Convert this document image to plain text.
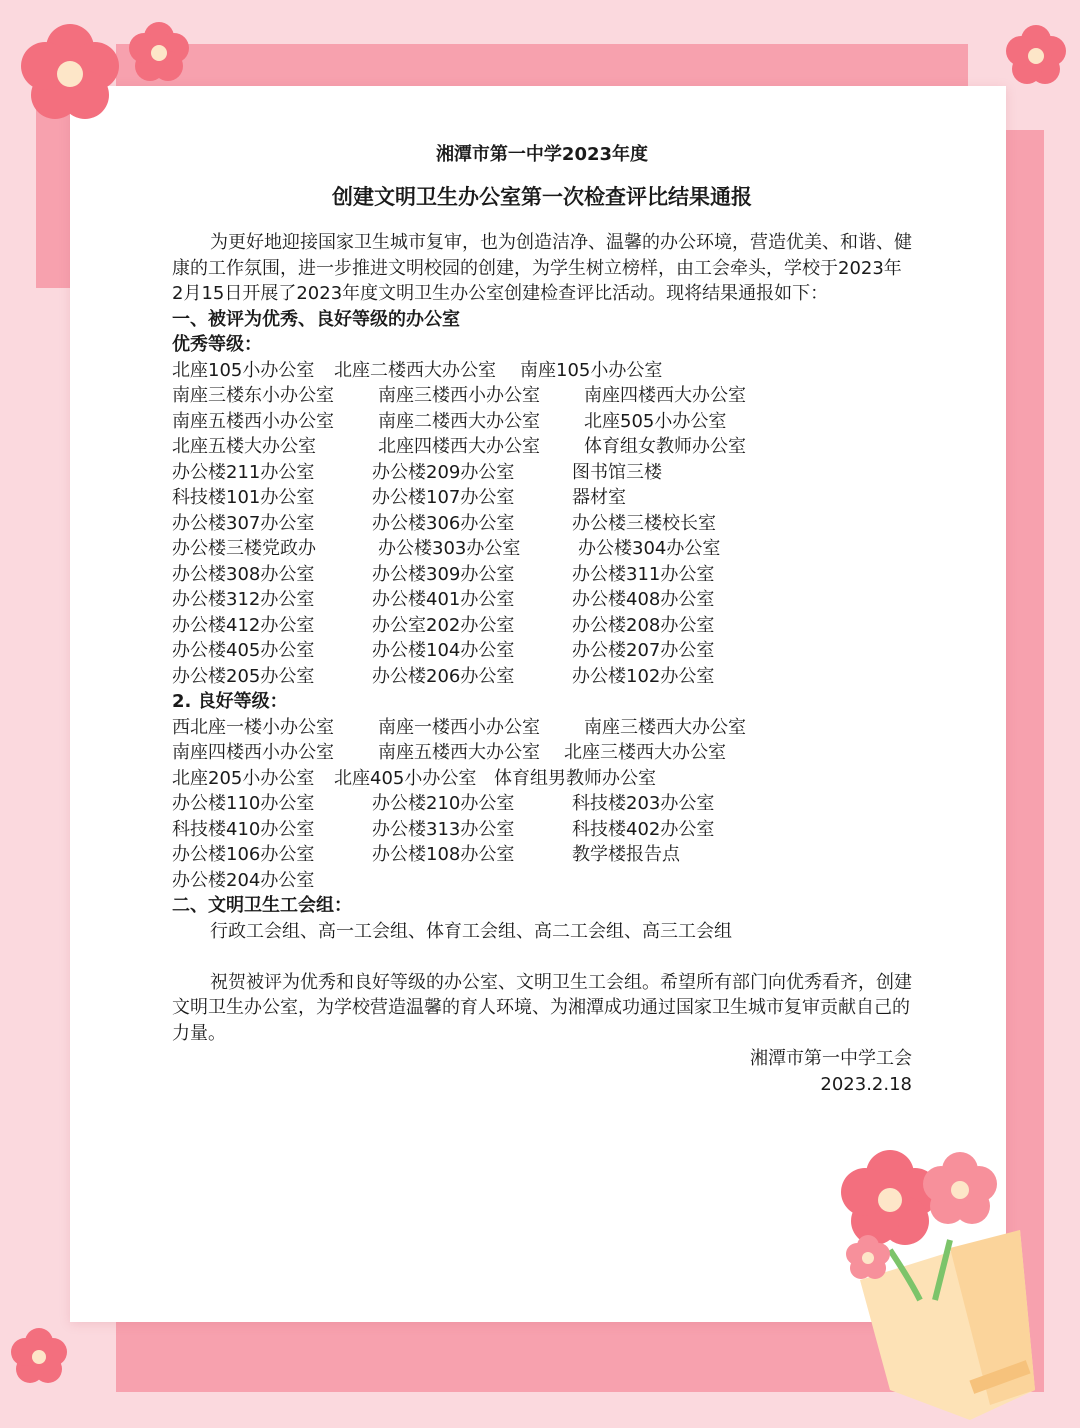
湘潭市第一中学2023年度
创建文明卫生办公室第一次检查评比结果通报

为更好地迎接国家卫生城市复审，也为创造洁净、温馨的办公环境，营造优美、和谐、健康的工作氛围，进一步推进文明校园的创建，为学生树立榜样，由工会牵头，学校于2023年2月15日开展了2023年度文明卫生办公室创建检查评比活动。现将结果通报如下：

一、被评为优秀、良好等级的办公室
优秀等级：
北座105小办公室 北座二楼西大办公室 南座105小办公室
南座三楼东小办公室 南座三楼西小办公室 南座四楼西大办公室
南座五楼西小办公室 南座二楼西大办公室 北座505小办公室
北座五楼大办公室	北座四楼西大办公室 体育组女教师办公室
办公楼211办公室	办公楼209办公室	图书馆三楼
科技楼101办公室	办公楼107办公室	器材室
办公楼307办公室	办公楼306办公室	办公楼三楼校长室
办公楼三楼党政办	办公楼303办公室	办公楼304办公室
办公楼308办公室	办公楼309办公室	办公楼311办公室
办公楼312办公室	办公楼401办公室	办公楼408办公室
办公楼412办公室	办公室202办公室	办公楼208办公室
办公楼405办公室	办公楼104办公室	办公楼207办公室
办公楼205办公室	办公楼206办公室	办公楼102办公室
2. 良好等级：
西北座一楼小办公室 南座一楼西小办公室 南座三楼西大办公室
南座四楼西小办公室 南座五楼西大办公室 北座三楼西大办公室
北座205小办公室 北座405小办公室 体育组男教师办公室
办公楼110办公室	办公楼210办公室	科技楼203办公室
科技楼410办公室	办公楼313办公室	科技楼402办公室
办公楼106办公室	办公楼108办公室	教学楼报告点
办公楼204办公室
二、文明卫生工会组：
行政工会组、高一工会组、体育工会组、高二工会组、高三工会组

祝贺被评为优秀和良好等级的办公室、文明卫生工会组。希望所有部门向优秀看齐，创建文明卫生办公室，为学校营造温馨的育人环境、为湘潭成功通过国家卫生城市复审贡献自己的力量。

湘潭市第一中学工会
2023.2.18
